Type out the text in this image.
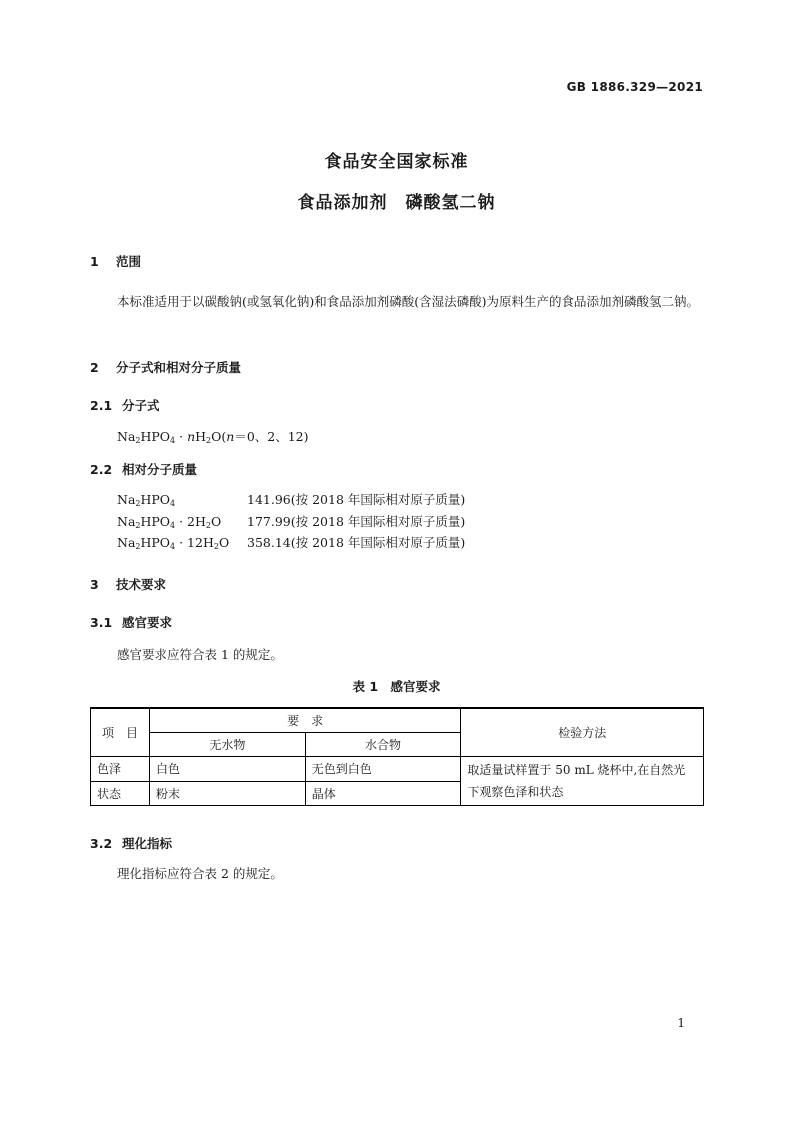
GB 1886.329—2021
食品安全国家标准
食品添加剂　磷酸氢二钠
1 范围
本标准适用于以碳酸钠(或氢氧化钠)和食品添加剂磷酸(含湿法磷酸)为原料生产的食品添加剂磷酸氢二钠。
2 分子式和相对分子质量
2.1 分子式
$Na_2HPO_4 \cdot nH_2O(n=0$、2、12)
2.2 相对分子质量
$Na_2HPO_4$	141.96(按 2018 年国际相对原子质量)
$Na_2HPO_4 \cdot 2H_2O$ 177.99(按 2018 年国际相对原子质量)
$Na_2HPO_4 \cdot 12H_2O$ 358.14(按 2018 年国际相对原子质量)
3 技术要求
3.1 感官要求
感官要求应符合表 1 的规定。
表 1　感官要求
项　目	要　求		检验方法
	无水物	水合物	
色泽	白色	无色到白色	取适量试样置于 50 mL 烧杯中,在自然光下观察色泽和状态
状态	粉末	晶体	
3.2 理化指标
理化指标应符合表 2 的规定。
1
